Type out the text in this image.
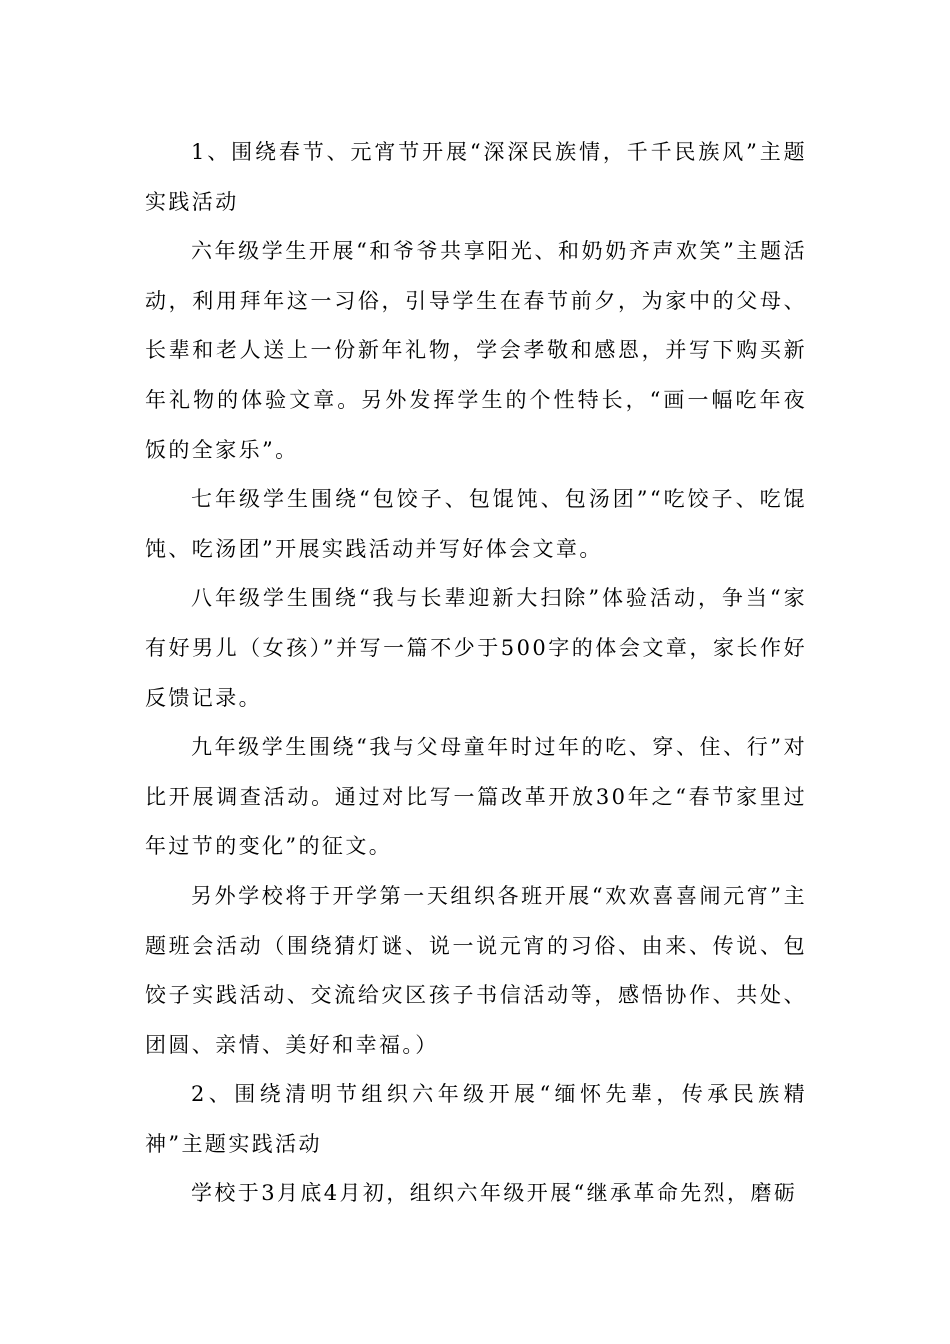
1、围绕春节、元宵节开展“深深民族情，千千民族风”主题实践活动

六年级学生开展“和爷爷共享阳光、和奶奶齐声欢笑”主题活动，利用拜年这一习俗，引导学生在春节前夕，为家中的父母、长辈和老人送上一份新年礼物，学会孝敬和感恩，并写下购买新年礼物的体验文章。另外发挥学生的个性特长，“画一幅吃年夜饭的全家乐”。

七年级学生围绕“包饺子、包馄饨、包汤团”“吃饺子、吃馄饨、吃汤团”开展实践活动并写好体会文章。

八年级学生围绕“我与长辈迎新大扫除”体验活动，争当“家有好男儿（女孩）”并写一篇不少于500字的体会文章，家长作好反馈记录。

九年级学生围绕“我与父母童年时过年的吃、穿、住、行”对比开展调查活动。通过对比写一篇改革开放30年之“春节家里过年过节的变化”的征文。

另外学校将于开学第一天组织各班开展“欢欢喜喜闹元宵”主题班会活动（围绕猜灯谜、说一说元宵的习俗、由来、传说、包饺子实践活动、交流给灾区孩子书信活动等，感悟协作、共处、团圆、亲情、美好和幸福。）

2、围绕清明节组织六年级开展“缅怀先辈，传承民族精神”主题实践活动

学校于3月底4月初，组织六年级开展“继承革命先烈，磨砺
